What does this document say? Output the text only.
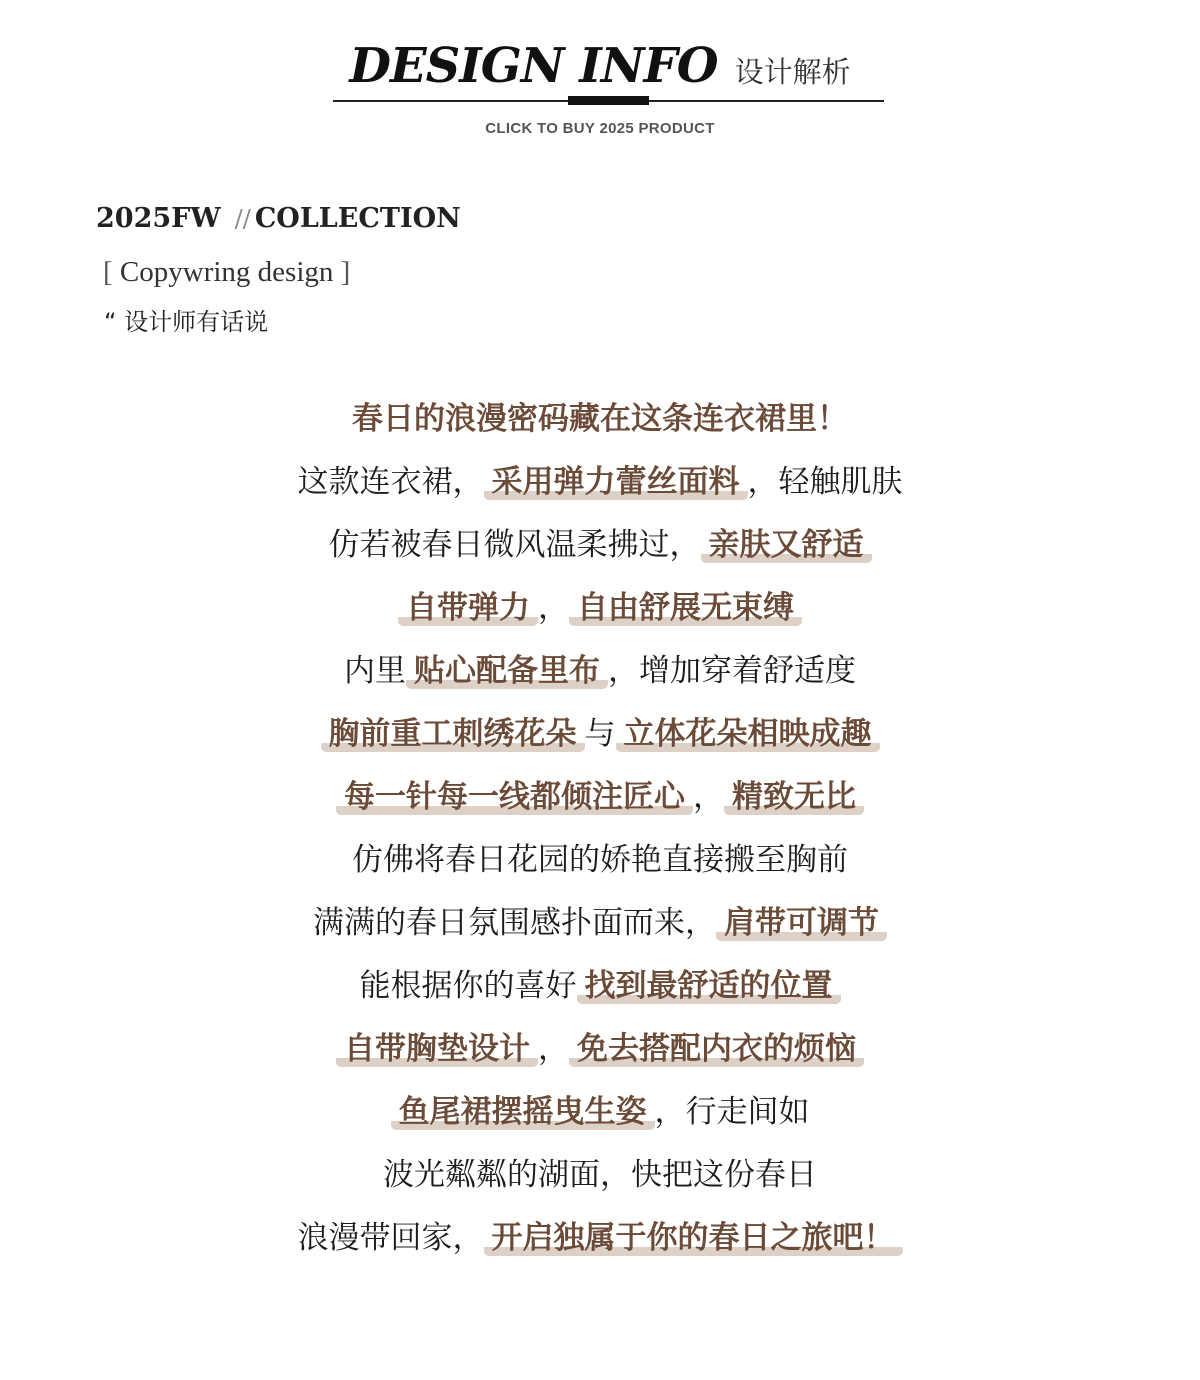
DESIGN INFO 设计解析
CLICK TO BUY 2025 PRODUCT
2025FW // COLLECTION
[ Copywring design ]
“ 设计师有话说
春日的浪漫密码藏在这条连衣裙里！
这款连衣裙， 采用弹力蕾丝面料 ，轻触肌肤
仿若被春日微风温柔拂过， 亲肤又舒适
自带弹力 ， 自由舒展无束缚
内里 贴心配备里布 ，增加穿着舒适度
胸前重工刺绣花朵 与 立体花朵相映成趣
每一针每一线都倾注匠心 ， 精致无比
仿佛将春日花园的娇艳直接搬至胸前
满满的春日氛围感扑面而来， 肩带可调节
能根据你的喜好 找到最舒适的位置
自带胸垫设计 ， 免去搭配内衣的烦恼
鱼尾裙摆摇曳生姿 ，行走间如
波光粼粼的湖面，快把这份春日
浪漫带回家， 开启独属于你的春日之旅吧！
